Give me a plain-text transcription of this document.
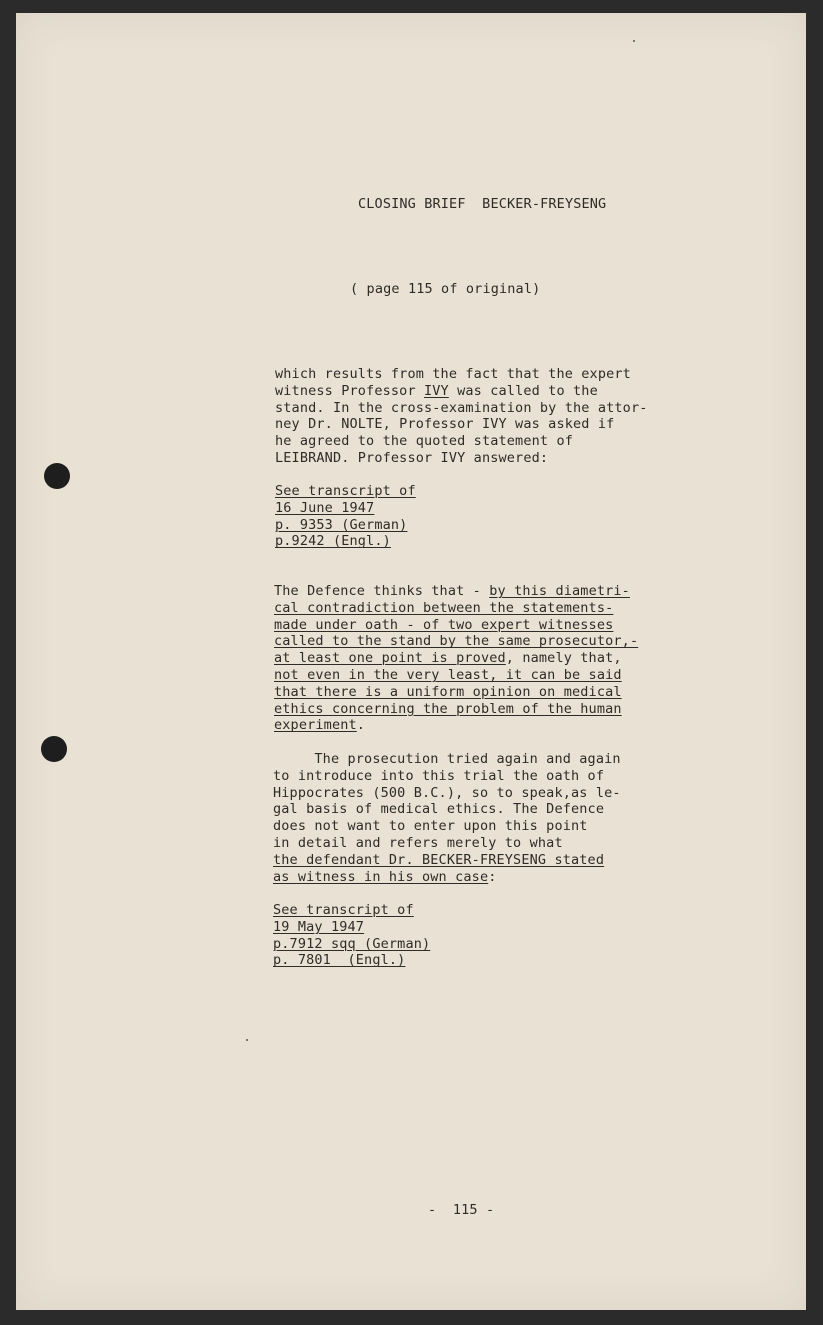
CLOSING BRIEF  BECKER-FREYSENG
( page 115 of original)
which results from the fact that the expert
witness Professor IVY was called to the
stand. In the cross-examination by the attor-
ney Dr. NOLTE, Professor IVY was asked if
he agreed to the quoted statement of
LEIBRAND. Professor IVY answered:
See transcript of
16 June 1947
p. 9353 (German)
p.9242 (Engl.)
The Defence thinks that - by this diametri-
cal contradiction between the statements-
made under oath - of two expert witnesses
called to the stand by the same prosecutor,-
at least one point is proved, namely that,
not even in the very least, it can be said
that there is a uniform opinion on medical
ethics concerning the problem of the human
experiment.
The prosecution tried again and again
to introduce into this trial the oath of
Hippocrates (500 B.C.), so to speak,as le-
gal basis of medical ethics. The Defence
does not want to enter upon this point
in detail and refers merely to what
the defendant Dr. BECKER-FREYSENG stated
as witness in his own case:
See transcript of
19 May 1947
p.7912 sqq (German)
p. 7801  (Engl.)
-  115 -
